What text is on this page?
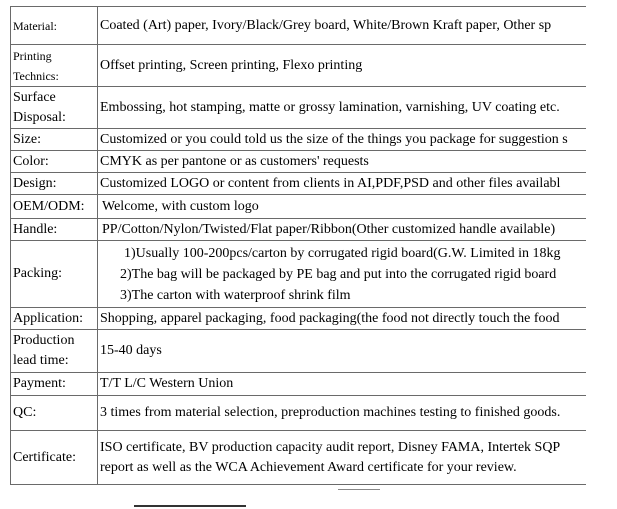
Material:	Coated (Art) paper, Ivory/Black/Grey board, White/Brown Kraft paper, Other sp
Printing Technics:	Offset printing, Screen printing, Flexo printing
Surface Disposal:	Embossing, hot stamping, matte or grossy lamination, varnishing, UV coating etc.
Size:	Customized or you could told us the size of the things you package for suggestion s
Color:	CMYK as per pantone or as customers' requests
Design:	Customized LOGO or content from clients in AI,PDF,PSD and other files availabl
OEM/ODM:	Welcome, with custom logo

Handle:	PP/Cotton/Nylon/Twisted/Flat paper/Ribbon(Other customized handle available)

Packing:	1)Usually 100-200pcs/carton by corrugated rigid board(G.W. Limited in 18kg
2)The bag will be packaged by PE bag and put into the corrugated rigid board
3)The carton with waterproof shrink film

Application:	Shopping, apparel packaging, food packaging(the food not directly touch the food
Production lead time:	15-40 days
Payment:	T/T L/C Western Union
QC:	3 times from material selection, preproduction machines testing to finished goods.
Certificate:	ISO certificate, BV production capacity audit report, Disney FAMA, Intertek SQP
report as well as the WCA Achievement Award certificate for your review.
